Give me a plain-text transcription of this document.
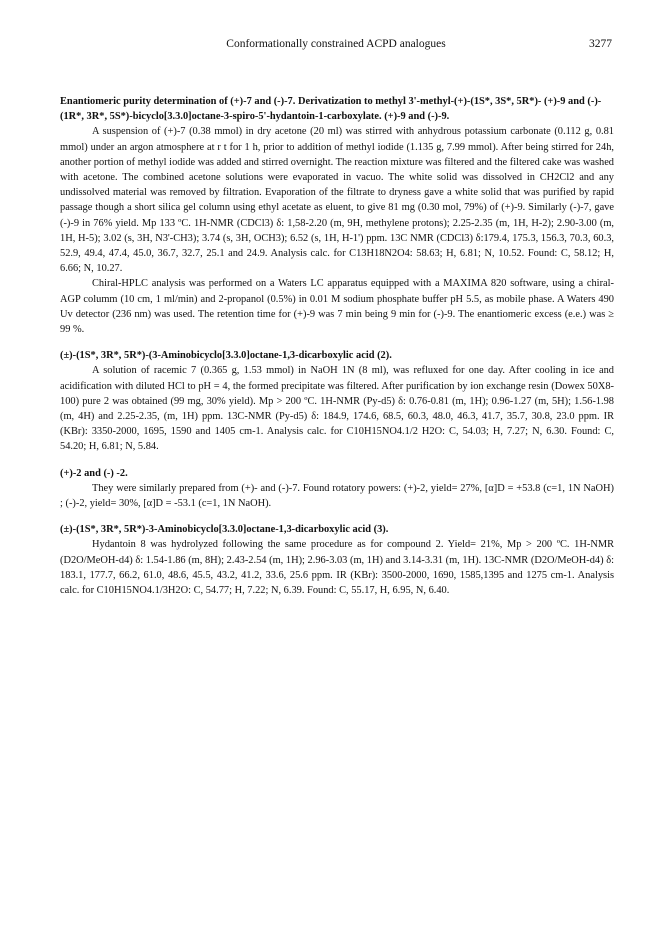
Conformationally constrained ACPD analogues	3277
Enantiomeric purity determination of (+)-7 and (-)-7. Derivatization to methyl 3'-methyl-(+)-(1S*, 3S*, 5R*)- (+)-9 and (-)-(1R*, 3R*, 5S*)-bicyclo[3.3.0]octane-3-spiro-5'-hydantoin-1-carboxylate. (+)-9 and (-)-9.

A suspension of (+)-7 (0.38 mmol) in dry acetone (20 ml) was stirred with anhydrous potassium carbonate (0.112 g, 0.81 mmol) under an argon atmosphere at r t for 1 h, prior to addition of methyl iodide (1.135 g, 7.99 mmol). After being stirred for 24h, another portion of methyl iodide was added and stirred overnight. The reaction mixture was filtered and the filtered cake was washed with acetone. The combined acetone solutions were evaporated in vacuo. The white solid was dissolved in CH2Cl2 and any undissolved material was removed by filtration. Evaporation of the filtrate to dryness gave a white solid that was purified by rapid passage though a short silica gel column using ethyl acetate as eluent, to give 81 mg (0.30 mol, 79%) of (+)-9. Similarly (-)-7, gave (-)-9 in 76% yield. Mp 133 ºC. 1H-NMR (CDCl3) δ: 1,58-2.20 (m, 9H, methylene protons); 2.25-2.35 (m, 1H, H-2); 2.90-3.00 (m, 1H, H-5); 3.02 (s, 3H, N3'-CH3); 3.74 (s, 3H, OCH3); 6.52 (s, 1H, H-1') ppm. 13C NMR (CDCl3) δ:179.4, 175.3, 156.3, 70.3, 60.3, 52.9, 49.4, 47.4, 45.0, 36.7, 32.7, 25.1 and 24.9. Analysis calc. for C13H18N2O4: 58.63; H, 6.81; N, 10.52. Found: C, 58.12; H, 6.66; N, 10.27.

Chiral-HPLC analysis was performed on a Waters LC apparatus equipped with a MAXIMA 820 software, using a chiral-AGP columm (10 cm, 1 ml/min) and 2-propanol (0.5%) in 0.01 M sodium phosphate buffer pH 5.5, as mobile phase. A Waters 490 Uv detector (236 nm) was used. The retention time for (+)-9 was 7 min being 9 min for (-)-9. The enantiomeric excess (e.e.) was ≥ 99 %.

(±)-(1S*, 3R*, 5R*)-(3-Aminobicyclo[3.3.0]octane-1,3-dicarboxylic acid (2).

A solution of racemic 7 (0.365 g, 1.53 mmol) in NaOH 1N (8 ml), was refluxed for one day. After cooling in ice and acidification with diluted HCl to pH = 4, the formed precipitate was filtered. After purification by ion exchange resin (Dowex 50X8-100) pure 2 was obtained (99 mg, 30% yield). Mp > 200 ºC. 1H-NMR (Py-d5) δ: 0.76-0.81 (m, 1H); 0.96-1.27 (m, 5H); 1.56-1.98 (m, 4H) and 2.25-2.35, (m, 1H) ppm. 13C-NMR (Py-d5) δ: 184.9, 174.6, 68.5, 60.3, 48.0, 46.3, 41.7, 35.7, 30.8, 23.0 ppm. IR (KBr): 3350-2000, 1695, 1590 and 1405 cm-1. Analysis calc. for C10H15NO4.1/2 H2O: C, 54.03; H, 7.27; N, 6.30. Found: C, 54.20; H, 6.81; N, 5.84.

(+)-2 and (-) -2.

They were similarly prepared from (+)- and (-)-7. Found rotatory powers: (+)-2, yield= 27%, [α]D = +53.8 (c=1, 1N NaOH) ; (-)-2, yield= 30%, [α]D = -53.1 (c=1, 1N NaOH).

(±)-(1S*, 3R*, 5R*)-3-Aminobicyclo[3.3.0]octane-1,3-dicarboxylic acid (3).

Hydantoin 8 was hydrolyzed following the same procedure as for compound 2. Yield= 21%, Mp > 200 ºC. 1H-NMR (D2O/MeOH-d4) δ: 1.54-1.86 (m, 8H); 2.43-2.54 (m, 1H); 2.96-3.03 (m, 1H) and 3.14-3.31 (m, 1H). 13C-NMR (D2O/MeOH-d4) δ: 183.1, 177.7, 66.2, 61.0, 48.6, 45.5, 43.2, 41.2, 33.6, 25.6 ppm. IR (KBr): 3500-2000, 1690, 1585,1395 and 1275 cm-1. Analysis calc. for C10H15NO4.1/3H2O: C, 54.77; H, 7.22; N, 6.39. Found: C, 55.17, H, 6.95, N, 6.40.
